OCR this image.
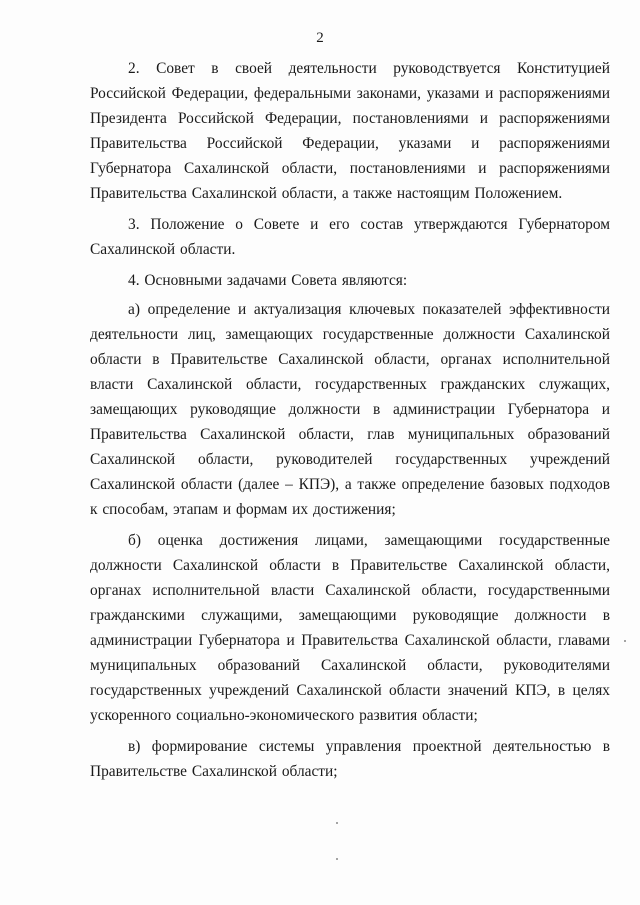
2

2. Совет в своей деятельности руководствуется Конституцией Российской Федерации, федеральными законами, указами и распоряжениями Президента Российской Федерации, постановлениями и распоряжениями Правительства Российской Федерации, указами и распоряжениями Губернатора Сахалинской области, постановлениями и распоряжениями Правительства Сахалинской области, а также настоящим Положением.

3. Положение о Совете и его состав утверждаются Губернатором Сахалинской области.

4. Основными задачами Совета являются:

а) определение и актуализация ключевых показателей эффективности деятельности лиц, замещающих государственные должности Сахалинской области в Правительстве Сахалинской области, органах исполнительной власти Сахалинской области, государственных гражданских служащих, замещающих руководящие должности в администрации Губернатора и Правительства Сахалинской области, глав муниципальных образований Сахалинской области, руководителей государственных учреждений Сахалинской области (далее – КПЭ), а также определение базовых подходов к способам, этапам и формам их достижения;

б) оценка достижения лицами, замещающими государственные должности Сахалинской области в Правительстве Сахалинской области, органах исполнительной власти Сахалинской области, государственными гражданскими служащими, замещающими руководящие должности в администрации Губернатора и Правительства Сахалинской области, главами муниципальных образований Сахалинской области, руководителями государственных учреждений Сахалинской области значений КПЭ, в целях ускоренного социально-экономического развития области;

в) формирование системы управления проектной деятельностью в Правительстве Сахалинской области;
